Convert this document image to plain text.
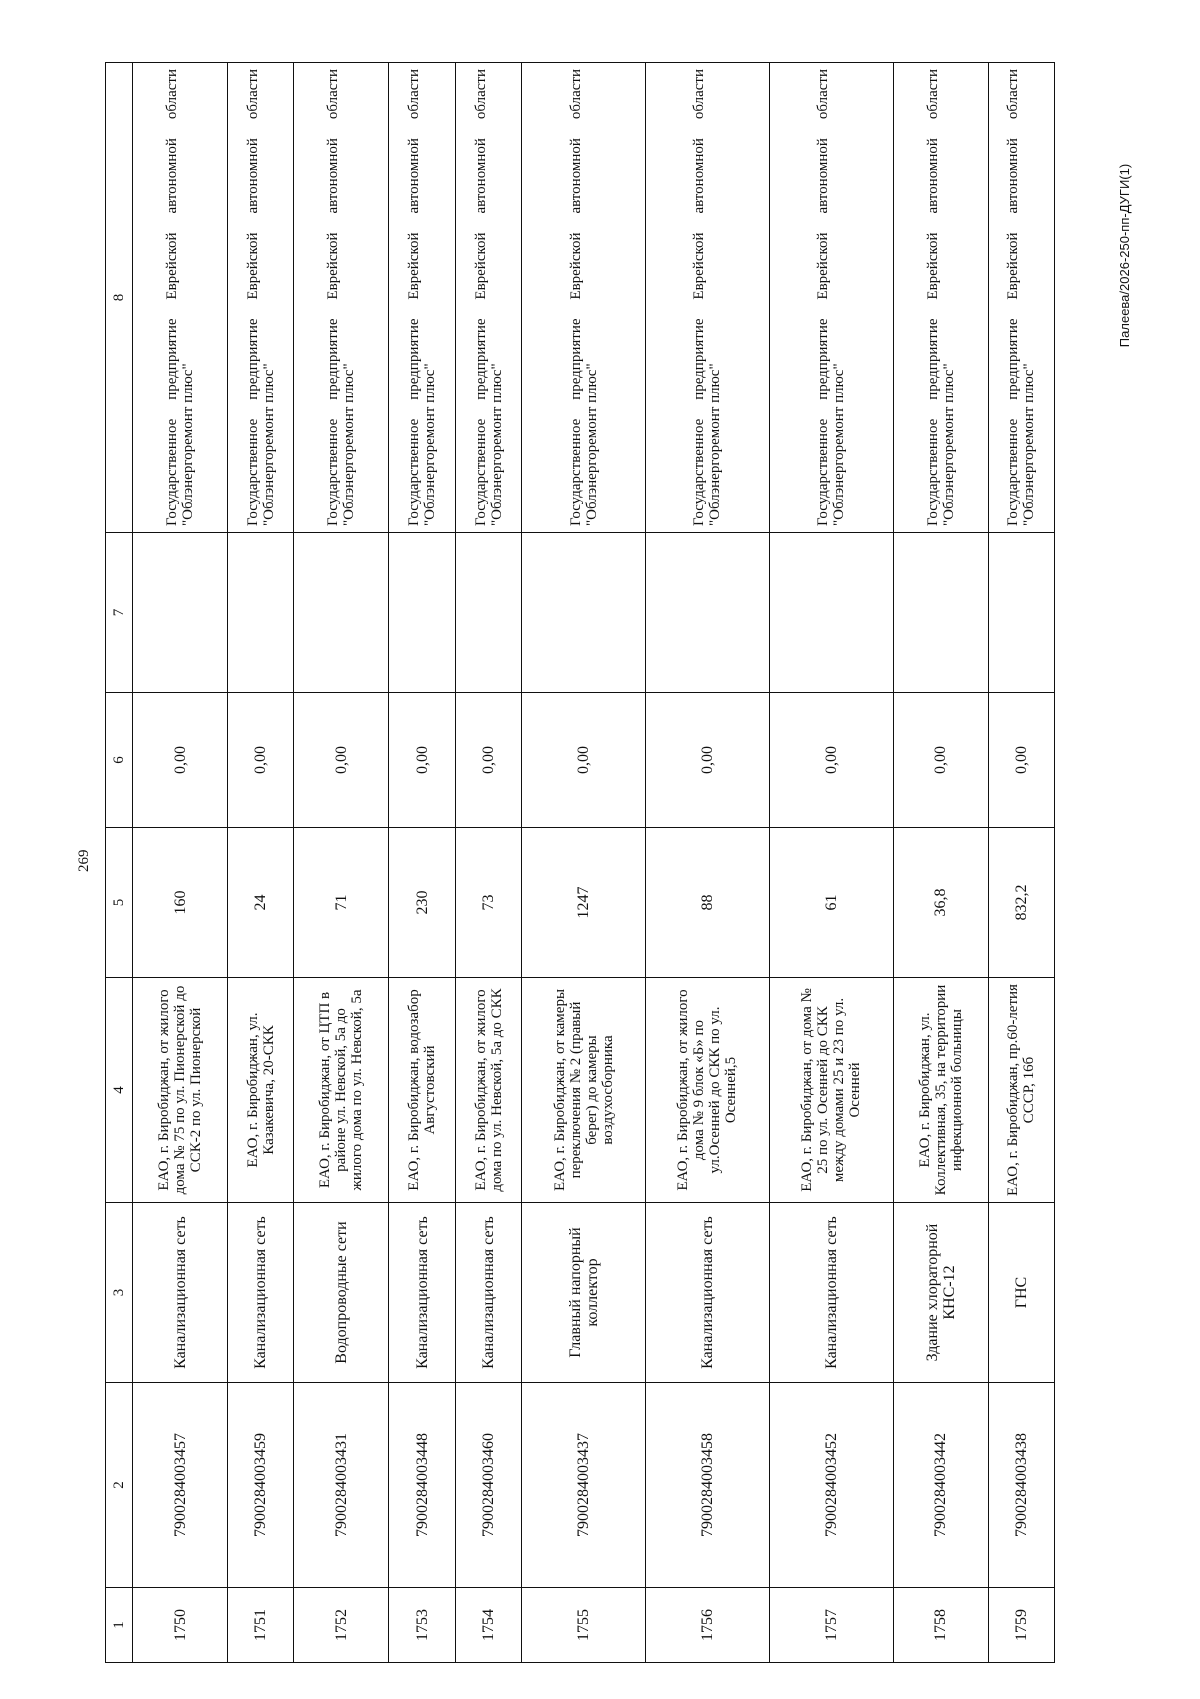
269
Палеева/2026-250-пп-ДУГИ(1)
1	2	3	4	5	6	7	8
1750	7900284003457	Канализационная сеть	ЕАО, г. Биробиджан, от жилого дома № 75 по ул. Пионерской до ССК-2 по ул. Пионерской	160	0,00		Государственное предприятие Еврейской автономной области "Облэнергоремонт плюс"
1751	7900284003459	Канализационная сеть	ЕАО, г. Биробиджан, ул. Казакевича, 20-СКК	24	0,00		Государственное предприятие Еврейской автономной области "Облэнергоремонт плюс"
1752	7900284003431	Водопроводные сети	ЕАО, г. Биробиджан, от ЦТП в районе ул. Невской, 5а до жилого дома по ул. Невской, 5а	71	0,00		Государственное предприятие Еврейской автономной области "Облэнергоремонт плюс"
1753	7900284003448	Канализационная сеть	ЕАО, г. Биробиджан, водозабор Августовский	230	0,00		Государственное предприятие Еврейской автономной области "Облэнергоремонт плюс"
1754	7900284003460	Канализационная сеть	ЕАО, г. Биробиджан, от жилого дома по ул. Невской, 5а до СКК	73	0,00		Государственное предприятие Еврейской автономной области "Облэнергоремонт плюс"
1755	7900284003437	Главный напорный коллектор	ЕАО, г. Биробиджан, от камеры переключения № 2 (правый берег) до камеры воздухосборника	1247	0,00		Государственное предприятие Еврейской автономной области "Облэнергоремонт плюс"
1756	7900284003458	Канализационная сеть	ЕАО, г. Биробиджан, от жилого дома № 9 блок «Б» по ул.Осенней до СКК по ул. Осенней,5	88	0,00		Государственное предприятие Еврейской автономной области "Облэнергоремонт плюс"
1757	7900284003452	Канализационная сеть	ЕАО, г. Биробиджан, от дома № 25 по ул. Осенней до СКК между домами 25 и 23 по ул. Осенней	61	0,00		Государственное предприятие Еврейской автономной области "Облэнергоремонт плюс"
1758	7900284003442	Здание хлораторной КНС-12	ЕАО, г. Биробиджан, ул. Коллективная, 35, на территории инфекционной больницы	36,8	0,00		Государственное предприятие Еврейской автономной области "Облэнергоремонт плюс"
1759	7900284003438	ГНС	ЕАО, г. Биробиджан, пр.60-летия СССР, 16б	832,2	0,00		Государственное предприятие Еврейской автономной области "Облэнергоремонт плюс"
